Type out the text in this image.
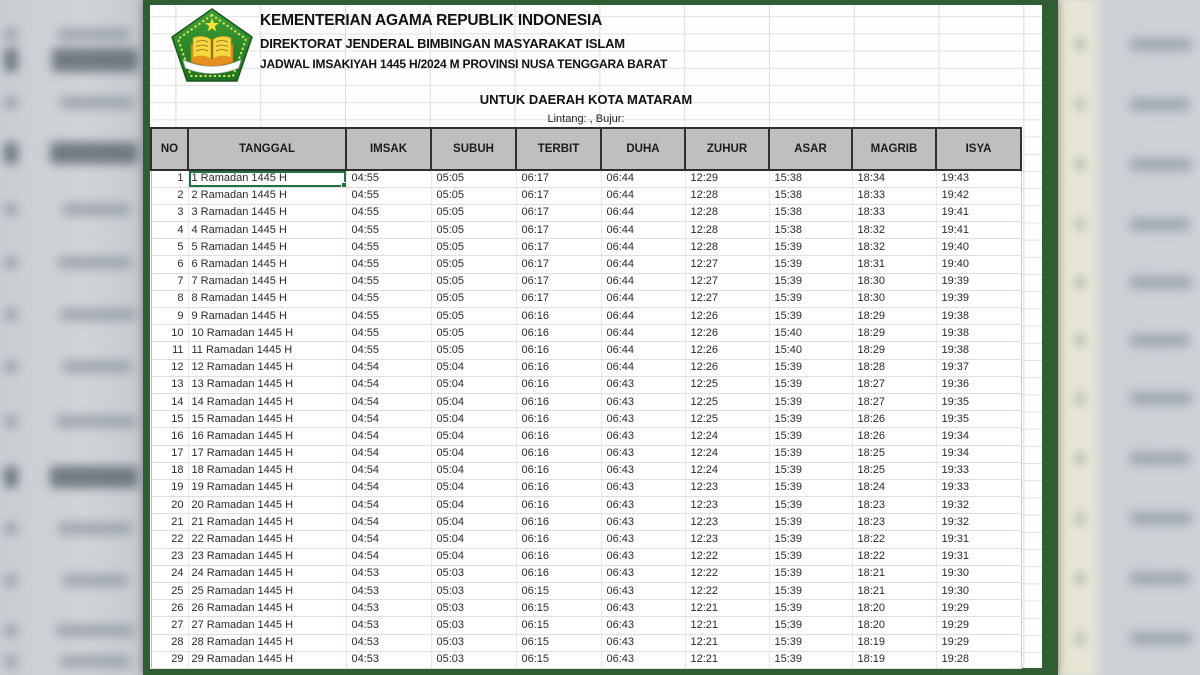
KEMENTERIAN AGAMA REPUBLIK INDONESIA
DIREKTORAT JENDERAL BIMBINGAN MASYARAKAT ISLAM
JADWAL IMSAKIYAH 1445 H/2024 M PROVINSI NUSA TENGGARA BARAT
UNTUK DAERAH KOTA MATARAM
Lintang: , Bujur:
NO	TANGGAL	IMSAK	SUBUH	TERBIT	DUHA	ZUHUR	ASAR	MAGRIB	ISYA
1	1 Ramadan 1445 H	04:55	05:05	06:17	06:44	12:29	15:38	18:34	19:43
2	2 Ramadan 1445 H	04:55	05:05	06:17	06:44	12:28	15:38	18:33	19:42
3	3 Ramadan 1445 H	04:55	05:05	06:17	06:44	12:28	15:38	18:33	19:41
4	4 Ramadan 1445 H	04:55	05:05	06:17	06:44	12:28	15:38	18:32	19:41
5	5 Ramadan 1445 H	04:55	05:05	06:17	06:44	12:28	15:39	18:32	19:40
6	6 Ramadan 1445 H	04:55	05:05	06:17	06:44	12:27	15:39	18:31	19:40
7	7 Ramadan 1445 H	04:55	05:05	06:17	06:44	12:27	15:39	18:30	19:39
8	8 Ramadan 1445 H	04:55	05:05	06:17	06:44	12:27	15:39	18:30	19:39
9	9 Ramadan 1445 H	04:55	05:05	06:16	06:44	12:26	15:39	18:29	19:38
10	10 Ramadan 1445 H	04:55	05:05	06:16	06:44	12:26	15:40	18:29	19:38
11	11 Ramadan 1445 H	04:55	05:05	06:16	06:44	12:26	15:40	18:29	19:38
12	12 Ramadan 1445 H	04:54	05:04	06:16	06:44	12:26	15:39	18:28	19:37
13	13 Ramadan 1445 H	04:54	05:04	06:16	06:43	12:25	15:39	18:27	19:36
14	14 Ramadan 1445 H	04:54	05:04	06:16	06:43	12:25	15:39	18:27	19:35
15	15 Ramadan 1445 H	04:54	05:04	06:16	06:43	12:25	15:39	18:26	19:35
16	16 Ramadan 1445 H	04:54	05:04	06:16	06:43	12:24	15:39	18:26	19:34
17	17 Ramadan 1445 H	04:54	05:04	06:16	06:43	12:24	15:39	18:25	19:34
18	18 Ramadan 1445 H	04:54	05:04	06:16	06:43	12:24	15:39	18:25	19:33
19	19 Ramadan 1445 H	04:54	05:04	06:16	06:43	12:23	15:39	18:24	19:33
20	20 Ramadan 1445 H	04:54	05:04	06:16	06:43	12:23	15:39	18:23	19:32
21	21 Ramadan 1445 H	04:54	05:04	06:16	06:43	12:23	15:39	18:23	19:32
22	22 Ramadan 1445 H	04:54	05:04	06:16	06:43	12:23	15:39	18:22	19:31
23	23 Ramadan 1445 H	04:54	05:04	06:16	06:43	12:22	15:39	18:22	19:31
24	24 Ramadan 1445 H	04:53	05:03	06:16	06:43	12:22	15:39	18:21	19:30
25	25 Ramadan 1445 H	04:53	05:03	06:15	06:43	12:22	15:39	18:21	19:30
26	26 Ramadan 1445 H	04:53	05:03	06:15	06:43	12:21	15:39	18:20	19:29
27	27 Ramadan 1445 H	04:53	05:03	06:15	06:43	12:21	15:39	18:20	19:29
28	28 Ramadan 1445 H	04:53	05:03	06:15	06:43	12:21	15:39	18:19	19:29
29	29 Ramadan 1445 H	04:53	05:03	06:15	06:43	12:21	15:39	18:19	19:28
